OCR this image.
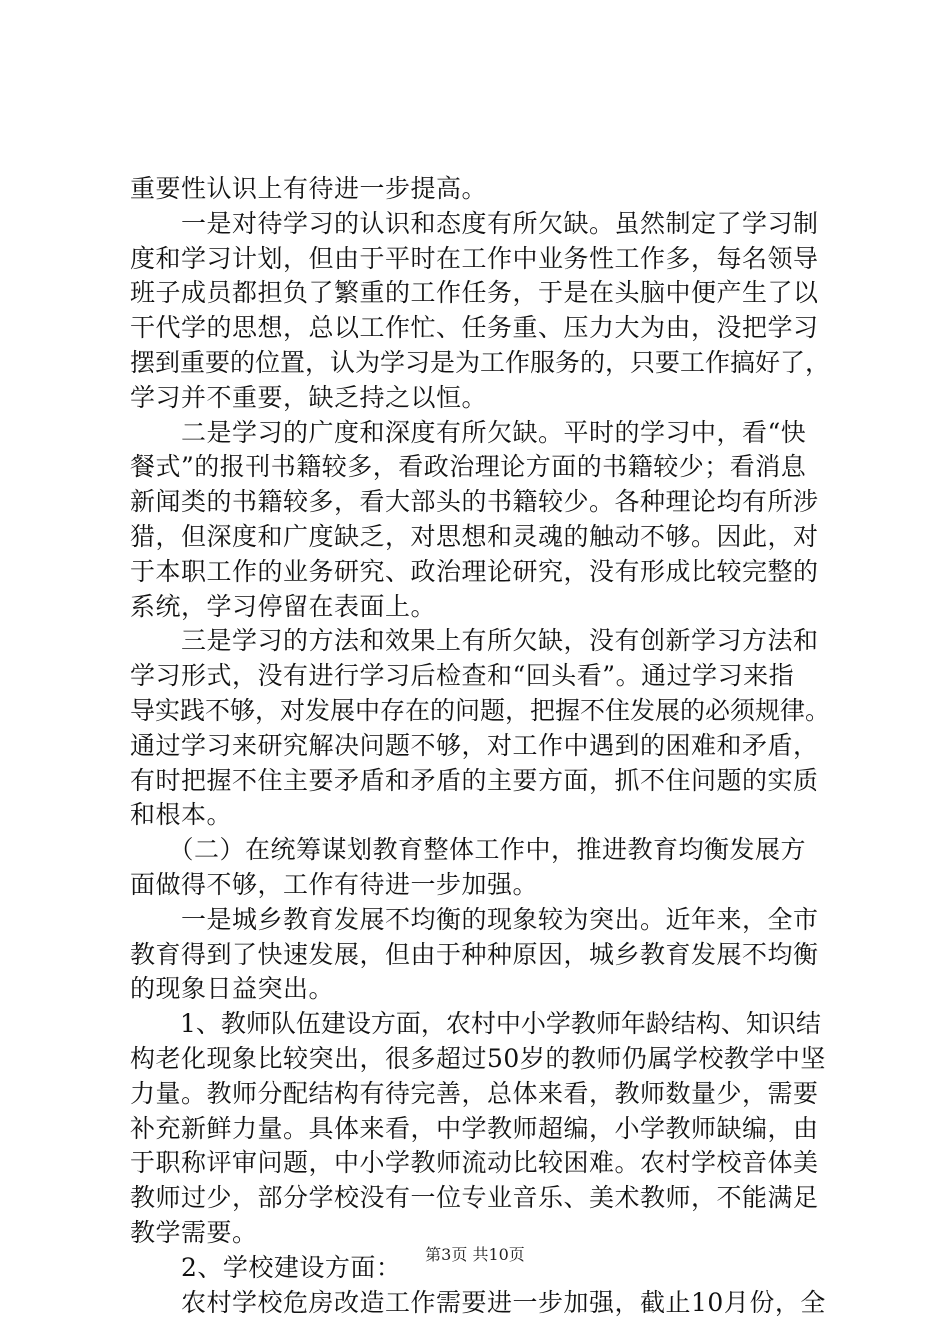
重要性认识上有待进一步提高。
　　一是对待学习的认识和态度有所欠缺。虽然制定了学习制
度和学习计划，但由于平时在工作中业务性工作多，每名领导
班子成员都担负了繁重的工作任务，于是在头脑中便产生了以
干代学的思想，总以工作忙、任务重、压力大为由，没把学习
摆到重要的位置，认为学习是为工作服务的，只要工作搞好了，
学习并不重要，缺乏持之以恒。
　　二是学习的广度和深度有所欠缺。平时的学习中，看“快
餐式”的报刊书籍较多，看政治理论方面的书籍较少；看消息
新闻类的书籍较多，看大部头的书籍较少。各种理论均有所涉
猎，但深度和广度缺乏，对思想和灵魂的触动不够。因此，对
于本职工作的业务研究、政治理论研究，没有形成比较完整的
系统，学习停留在表面上。
　　三是学习的方法和效果上有所欠缺，没有创新学习方法和
学习形式，没有进行学习后检查和“回头看”。通过学习来指
导实践不够，对发展中存在的问题，把握不住发展的必须规律。
通过学习来研究解决问题不够，对工作中遇到的困难和矛盾，
有时把握不住主要矛盾和矛盾的主要方面，抓不住问题的实质
和根本。
　　（二）在统筹谋划教育整体工作中，推进教育均衡发展方
面做得不够，工作有待进一步加强。
　　一是城乡教育发展不均衡的现象较为突出。近年来，全市
教育得到了快速发展，但由于种种原因，城乡教育发展不均衡
的现象日益突出。
　　1、教师队伍建设方面，农村中小学教师年龄结构、知识结
构老化现象比较突出，很多超过50岁的教师仍属学校教学中坚
力量。教师分配结构有待完善，总体来看，教师数量少，需要
补充新鲜力量。具体来看，中学教师超编，小学教师缺编，由
于职称评审问题，中小学教师流动比较困难。农村学校音体美
教师过少，部分学校没有一位专业音乐、美术教师，不能满足
教学需要。
　　2、学校建设方面：
　　农村学校危房改造工作需要进一步加强，截止10月份，全
第3页 共10页
